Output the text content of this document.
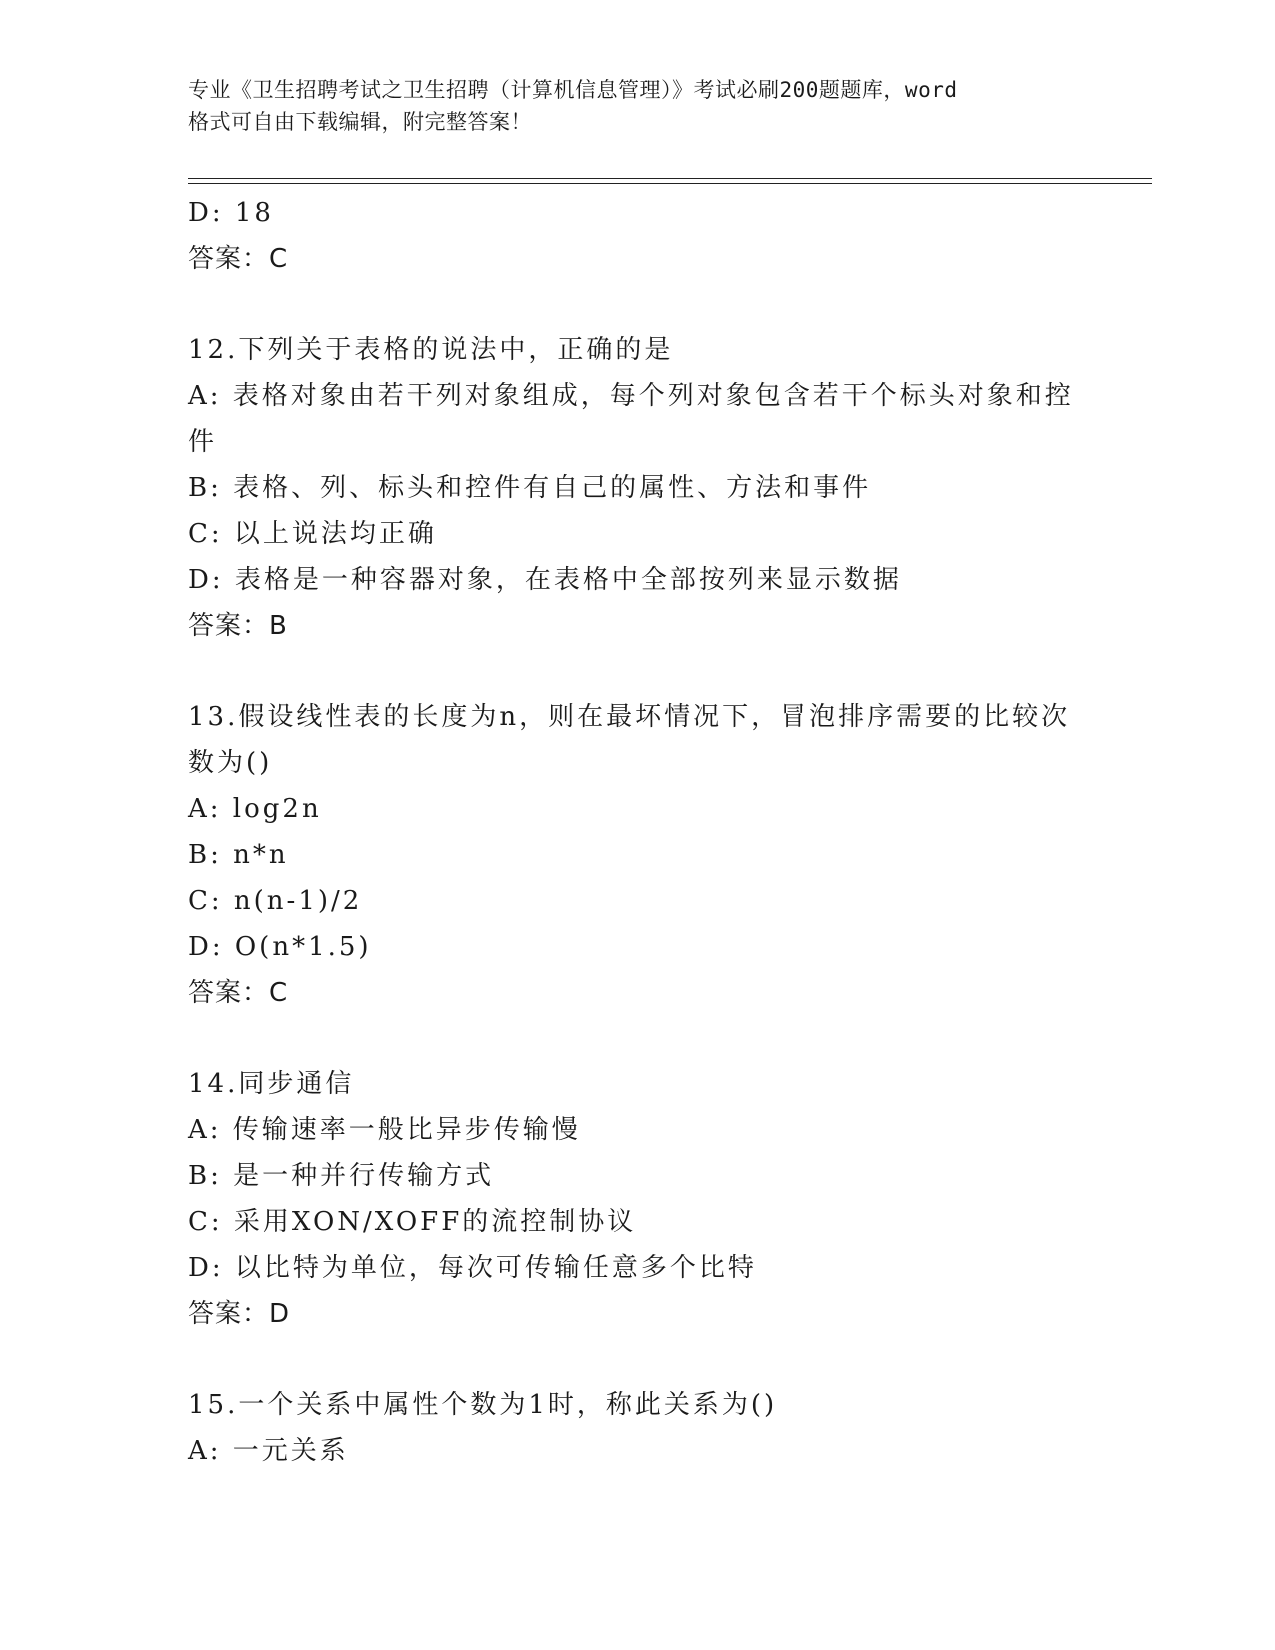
专业《卫生招聘考试之卫生招聘（计算机信息管理）》考试必刷200题题库，word
格式可自由下载编辑，附完整答案！
D: 18
答案：C
12.下列关于表格的说法中，正确的是
A: 表格对象由若干列对象组成，每个列对象包含若干个标头对象和控
件
B: 表格、列、标头和控件有自己的属性、方法和事件
C: 以上说法均正确
D: 表格是一种容器对象，在表格中全部按列来显示数据
答案：B
13.假设线性表的长度为n，则在最坏情况下，冒泡排序需要的比较次
数为()
A: log2n
B: n*n
C: n(n-1)/2
D: O(n*1.5)
答案：C
14.同步通信
A: 传输速率一般比异步传输慢
B: 是一种并行传输方式
C: 采用XON/XOFF的流控制协议
D: 以比特为单位，每次可传输任意多个比特
答案：D
15.一个关系中属性个数为1时，称此关系为()
A: 一元关系
